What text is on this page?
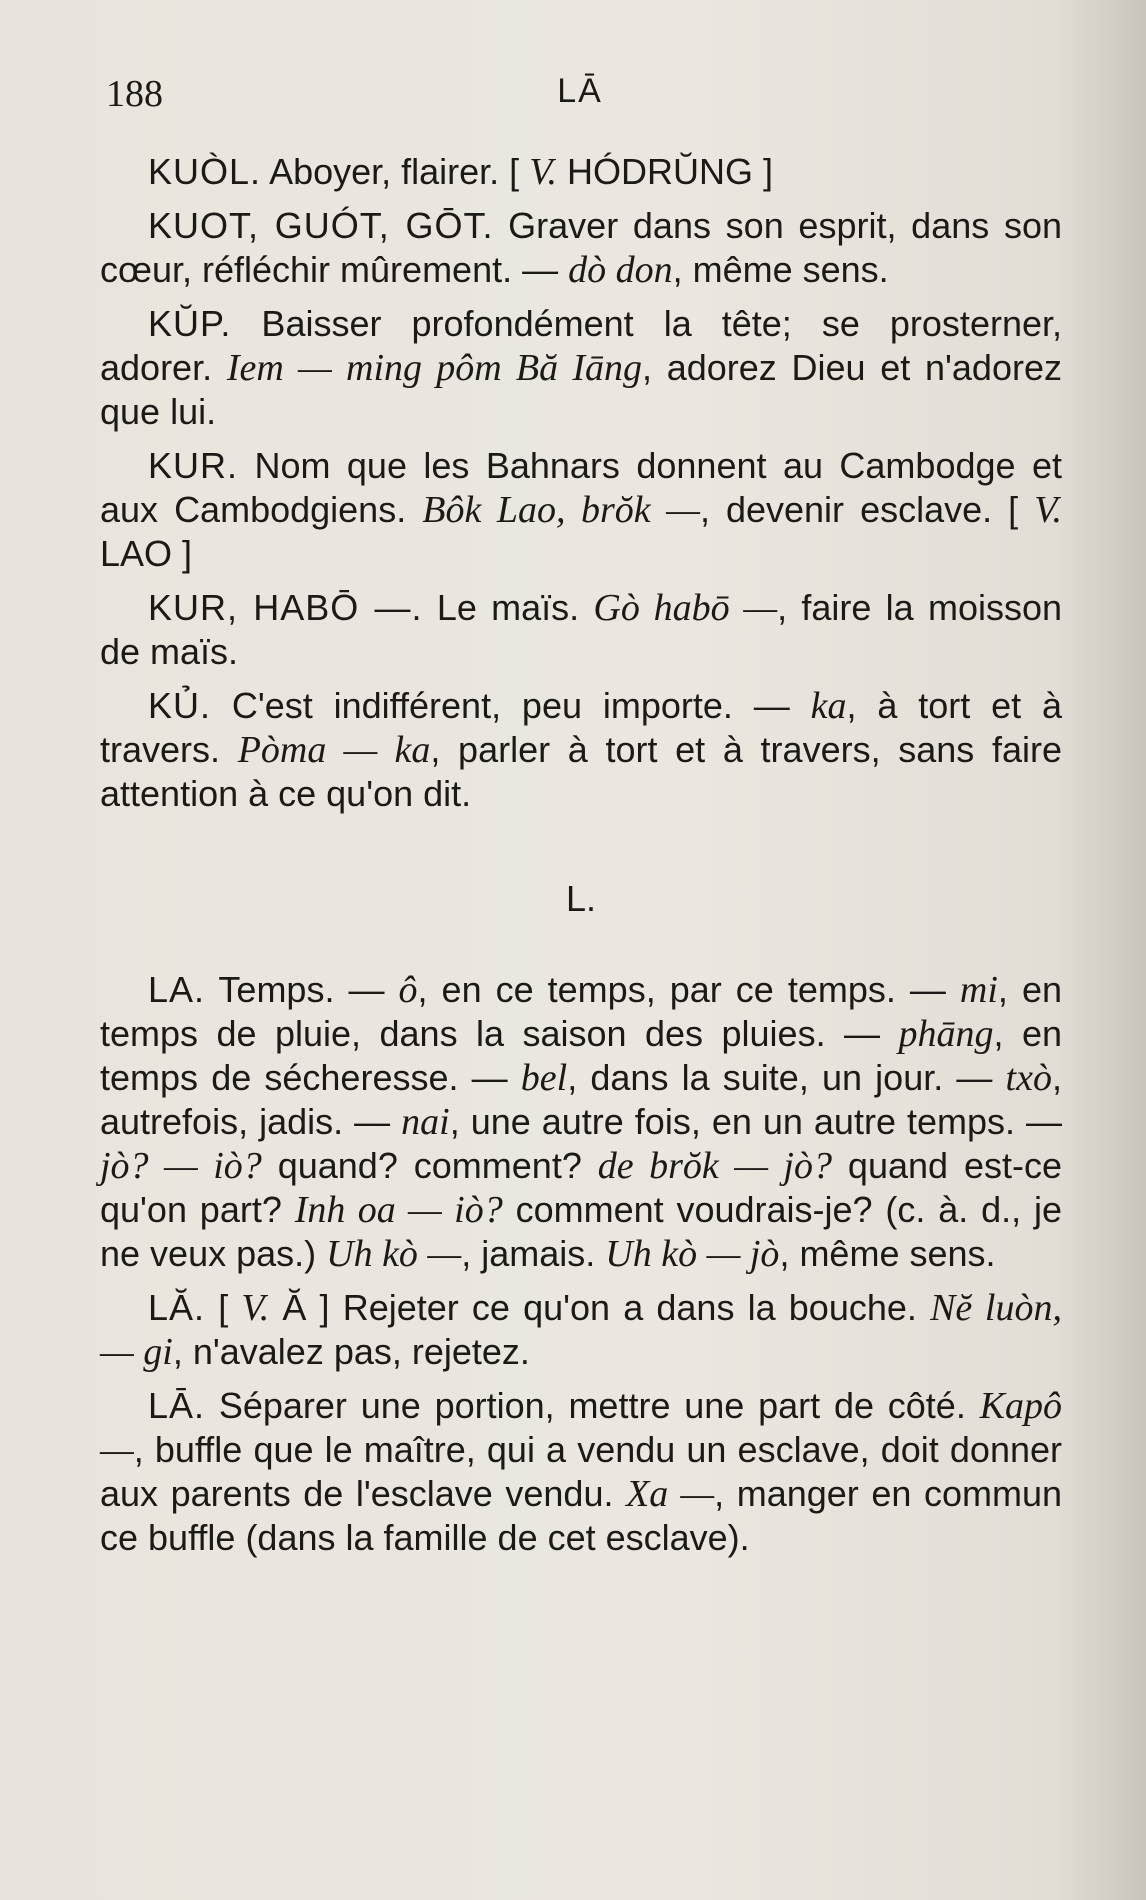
188	LĀ

KUÒL. Aboyer, flairer. [ V. HÓDRŬNG ]

KUOT, GUÓT, GŌT. Graver dans son esprit, dans son cœur, réfléchir mûrement. — dò don, même sens.

KŬP. Baisser profondément la tête; se prosterner, adorer. Iem — ming pôm Bă Iāng, adorez Dieu et n'adorez que lui.

KUR. Nom que les Bahnars donnent au Cambodge et aux Cambodgiens. Bôk Lao, brŏk —, devenir esclave. [ V. LAO ]

KUR, HABŌ —. Le maïs. Gò habō —, faire la moisson de maïs.

KỦ. C'est indifférent, peu importe. — ka, à tort et à travers. Pòma — ka, parler à tort et à travers, sans faire attention à ce qu'on dit.

L.

LA. Temps. — ô, en ce temps, par ce temps. — mi, en temps de pluie, dans la saison des pluies. — phāng, en temps de sécheresse. — bel, dans la suite, un jour. — txò, autrefois, jadis. — nai, une autre fois, en un autre temps. — jò? — iò? quand? comment? de brŏk — jò? quand est-ce qu'on part? Inh oa — iò? comment voudrais-je? (c. à. d., je ne veux pas.) Uh kò —, jamais. Uh kò — jò, même sens.

LĂ. [ V. Ă ] Rejeter ce qu'on a dans la bouche. Nĕ luòn, — gi, n'avalez pas, rejetez.

LĀ. Séparer une portion, mettre une part de côté. Kapô —, buffle que le maître, qui a vendu un esclave, doit donner aux parents de l'esclave vendu. Xa —, manger en commun ce buffle (dans la famille de cet esclave).
